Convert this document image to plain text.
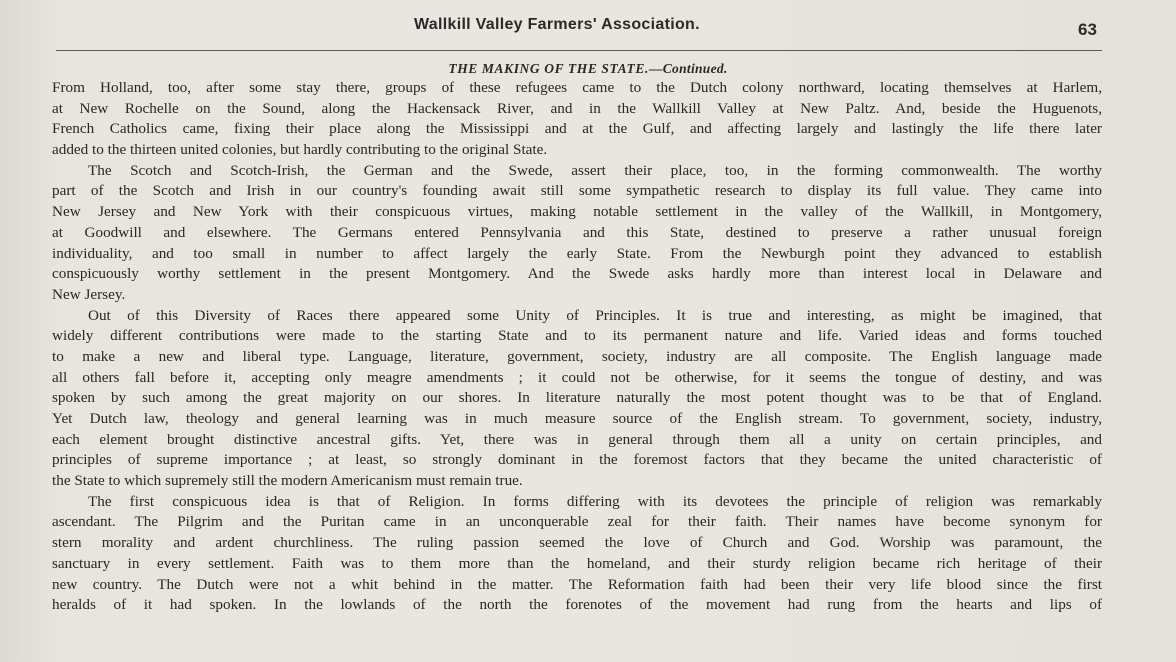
Wallkill Valley Farmers' Association.	63
THE MAKING OF THE STATE.—Continued.
From Holland, too, after some stay there, groups of these refugees came to the Dutch colony northward, locating themselves at Harlem,
at New Rochelle on the Sound, along the Hackensack River, and in the Wallkill Valley at New Paltz. And, beside the Huguenots,
French Catholics came, fixing their place along the Mississippi and at the Gulf, and affecting largely and lastingly the life there later
added to the thirteen united colonies, but hardly contributing to the original State.
The Scotch and Scotch-Irish, the German and the Swede, assert their place, too, in the forming commonwealth. The worthy
part of the Scotch and Irish in our country's founding await still some sympathetic research to display its full value. They came into
New Jersey and New York with their conspicuous virtues, making notable settlement in the valley of the Wallkill, in Montgomery,
at Goodwill and elsewhere. The Germans entered Pennsylvania and this State, destined to preserve a rather unusual foreign
individuality, and too small in number to affect largely the early State. From the Newburgh point they advanced to establish
conspicuously worthy settlement in the present Montgomery. And the Swede asks hardly more than interest local in Delaware and
New Jersey.
Out of this Diversity of Races there appeared some Unity of Principles. It is true and interesting, as might be imagined, that
widely different contributions were made to the starting State and to its permanent nature and life. Varied ideas and forms touched
to make a new and liberal type. Language, literature, government, society, industry are all composite. The English language made
all others fall before it, accepting only meagre amendments ; it could not be otherwise, for it seems the tongue of destiny, and was
spoken by such among the great majority on our shores. In literature naturally the most potent thought was to be that of England.
Yet Dutch law, theology and general learning was in much measure source of the English stream. To government, society, industry,
each element brought distinctive ancestral gifts. Yet, there was in general through them all a unity on certain principles, and
principles of supreme importance ; at least, so strongly dominant in the foremost factors that they became the united characteristic of
the State to which supremely still the modern Americanism must remain true.
The first conspicuous idea is that of Religion. In forms differing with its devotees the principle of religion was remarkably
ascendant. The Pilgrim and the Puritan came in an unconquerable zeal for their faith. Their names have become synonym for
stern morality and ardent churchliness. The ruling passion seemed the love of Church and God. Worship was paramount, the
sanctuary in every settlement. Faith was to them more than the homeland, and their sturdy religion became rich heritage of their
new country. The Dutch were not a whit behind in the matter. The Reformation faith had been their very life blood since the first
heralds of it had spoken. In the lowlands of the north the forenotes of the movement had rung from the hearts and lips of
